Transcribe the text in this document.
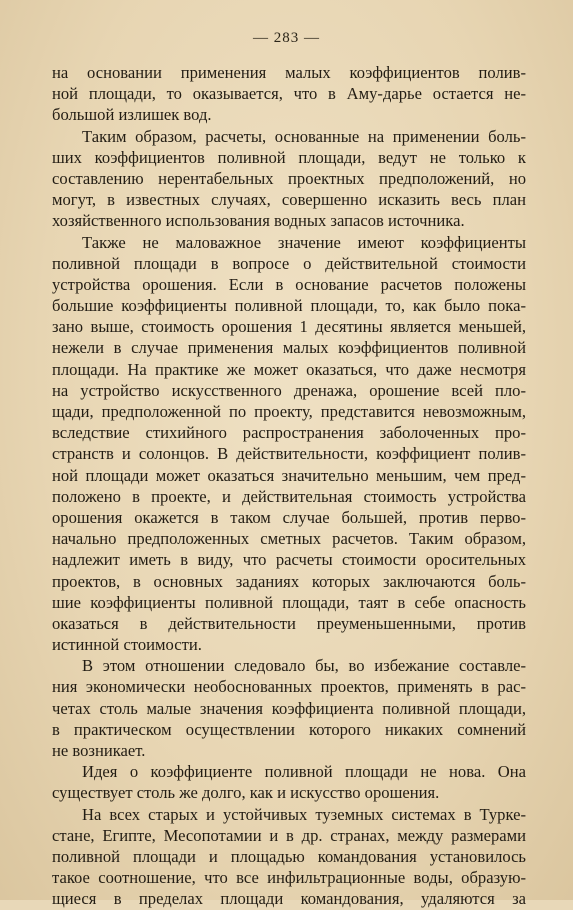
— 283 —
на основании применения малых коэффициентов полив-
ной площади, то оказывается, что в Аму-дарье остается не-
большой излишек вод.
Таким образом, расчеты, основанные на применении боль-
ших коэффициентов поливной площади, ведут не только к
составлению нерентабельных проектных предположений, но
могут, в известных случаях, совершенно исказить весь план
хозяйственного использования водных запасов источника.
Также не маловажное значение имеют коэффициенты
поливной площади в вопросе о действительной стоимости
устройства орошения. Если в основание расчетов положены
большие коэффициенты поливной площади, то, как было пока-
зано выше, стоимость орошения 1 десятины является меньшей,
нежели в случае применения малых коэффициентов поливной
площади. На практике же может оказаться, что даже несмотря
на устройство искусственного дренажа, орошение всей пло-
щади, предположенной по проекту, представится невозможным,
вследствие стихийного распространения заболоченных про-
странств и солонцов. В действительности, коэффициент полив-
ной площади может оказаться значительно меньшим, чем пред-
положено в проекте, и действительная стоимость устройства
орошения окажется в таком случае большей, против перво-
начально предположенных сметных расчетов. Таким образом,
надлежит иметь в виду, что расчеты стоимости оросительных
проектов, в основных заданиях которых заключаются боль-
шие коэффициенты поливной площади, таят в себе опасность
оказаться в действительности преуменьшенными, против
истинной стоимости.
В этом отношении следовало бы, во избежание составле-
ния экономически необоснованных проектов, применять в рас-
четах столь малые значения коэффициента поливной площади,
в практическом осуществлении которого никаких сомнений
не возникает.
Идея о коэффициенте поливной площади не нова. Она
существует столь же долго, как и искусство орошения.
На всех старых и устойчивых туземных системах в Турке-
стане, Египте, Месопотамии и в др. странах, между размерами
поливной площади и площадью командования установилось
такое соотношение, что все инфильтрационные воды, образую-
щиеся в пределах площади командования, удаляются за
